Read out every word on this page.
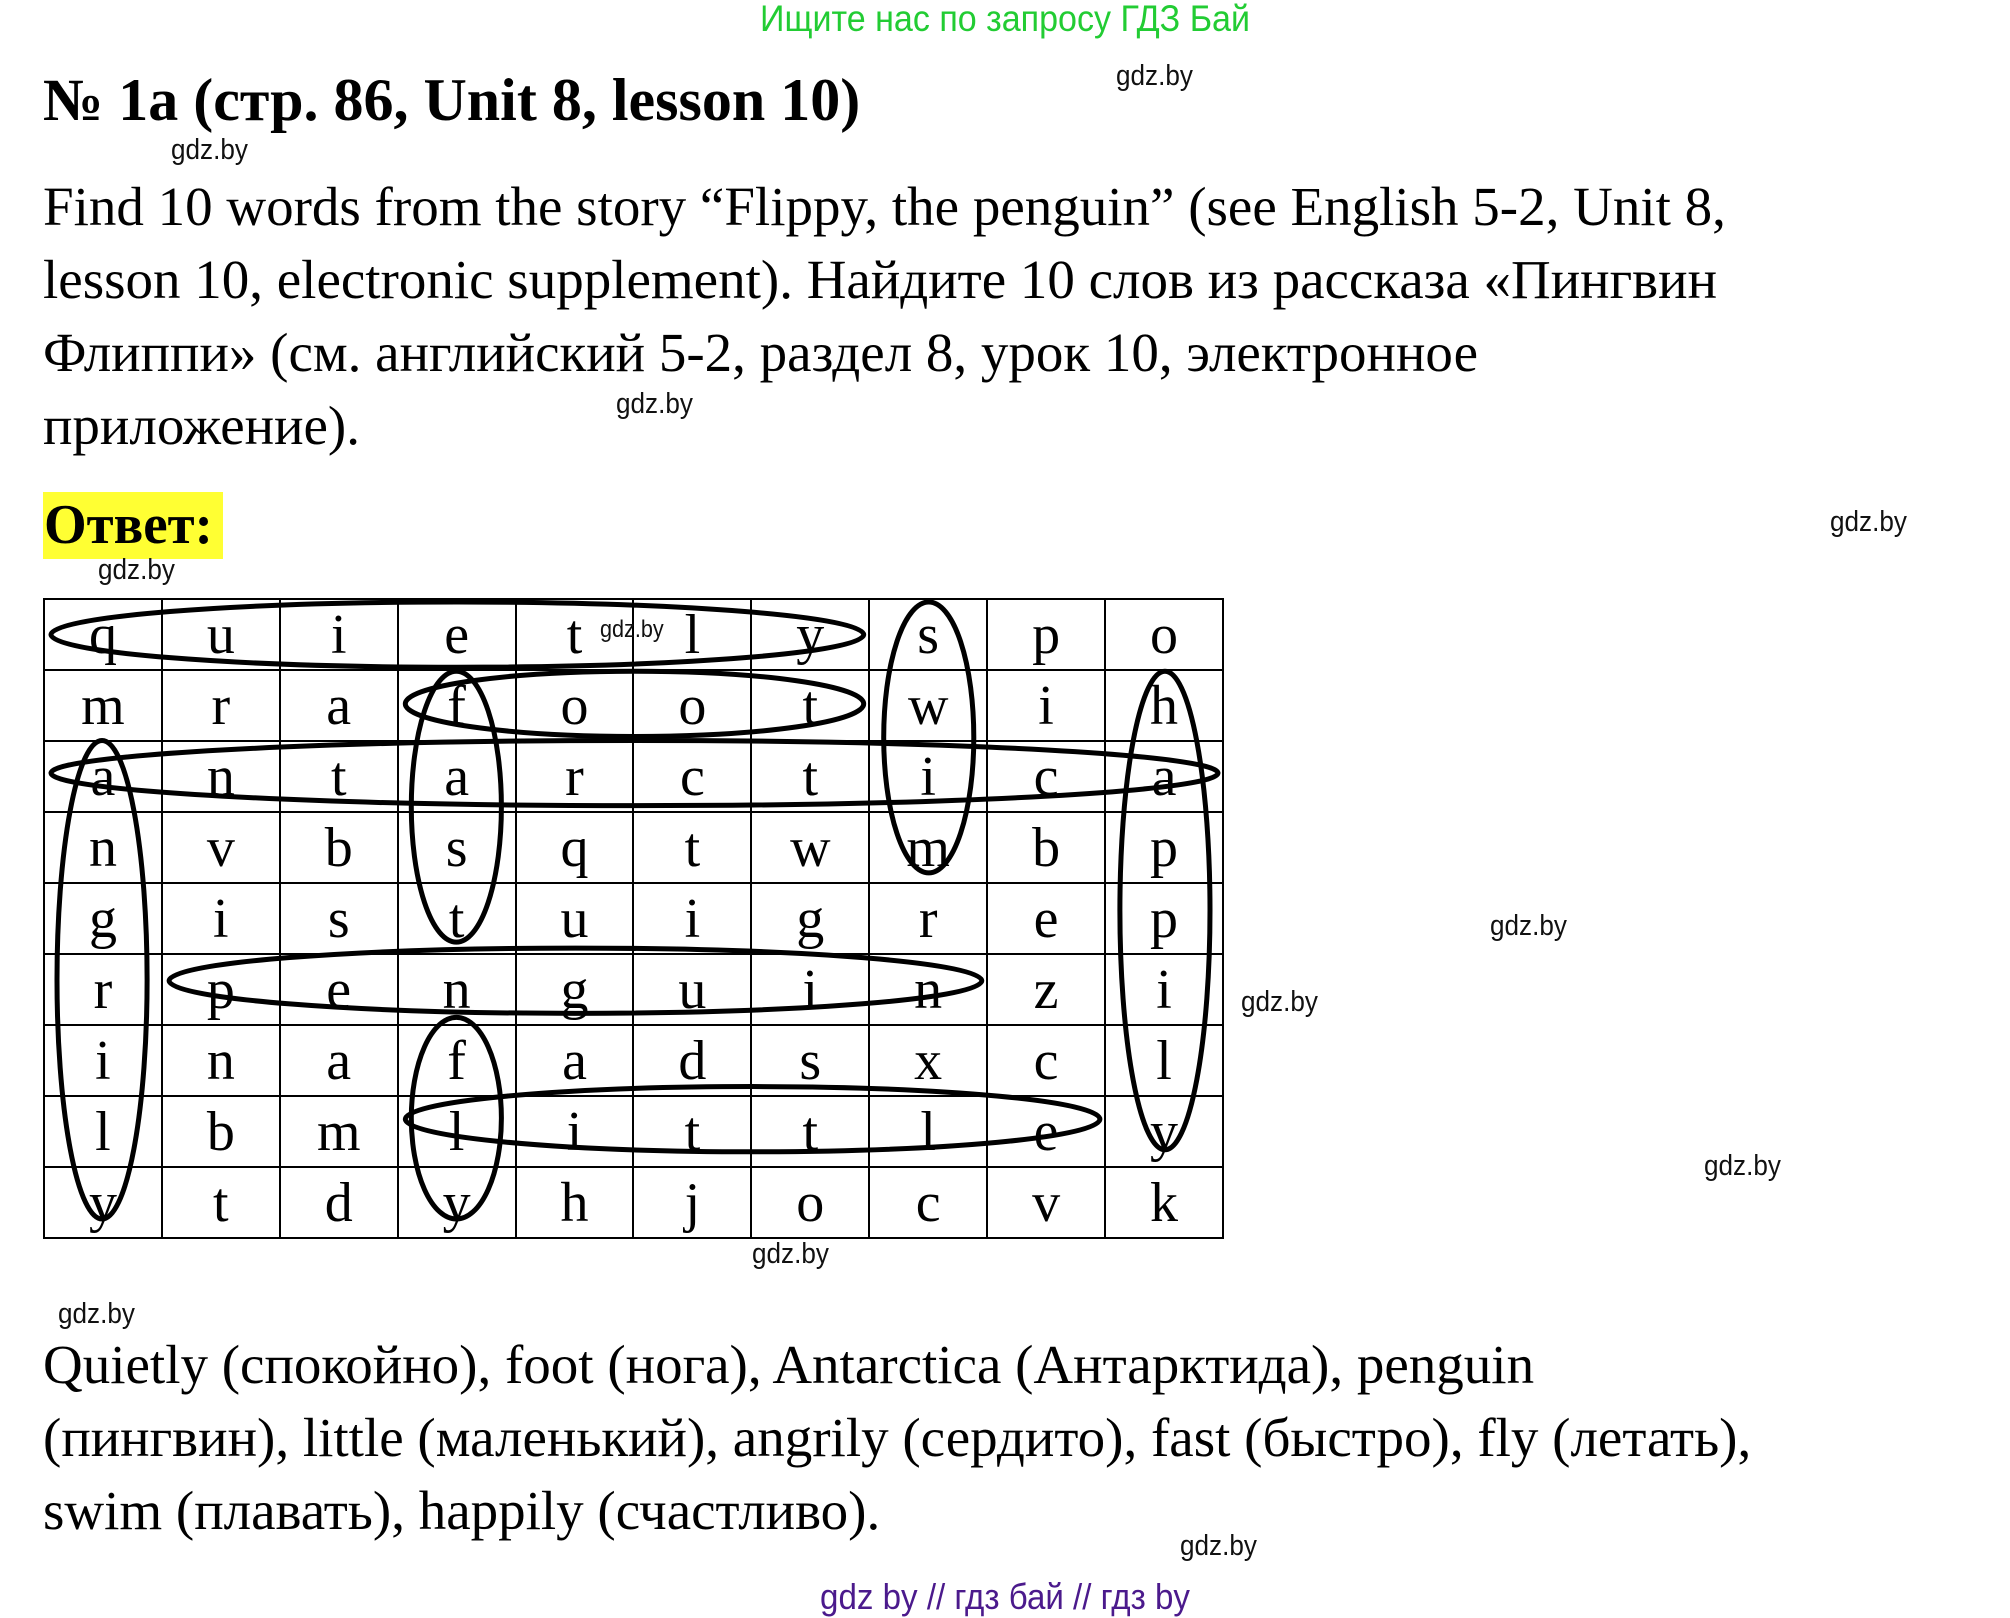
Ищите нас по запросу ГДЗ Бай
№ 1a (стр. 86, Unit 8, lesson 10)
Find 10 words from the story “Flippy, the penguin” (see English 5-2, Unit 8,
lesson 10, electronic supplement). Найдите 10 слов из рассказа «Пингвин
Флиппи» (см. английский 5-2, раздел 8, урок 10, электронное
приложение).
Ответ:
q	u	i	e	t	l	y	s	p	o
m	r	a	f	o	o	t	w	i	h
a	n	t	a	r	c	t	i	c	a
n	v	b	s	q	t	w	m	b	p
g	i	s	t	u	i	g	r	e	p
r	p	e	n	g	u	i	n	z	i
i	n	a	f	a	d	s	x	c	l
l	b	m	l	i	t	t	l	e	y
y	t	d	y	h	j	o	c	v	k
Quietly (спокойно), foot (нога), Antarctica (Антарктида), penguin
(пингвин), little (маленький), angrily (сердито), fast (быстро), fly (летать),
swim (плавать), happily (счастливо).
gdz.by
gdz.by
gdz.by
gdz.by
gdz.by
gdz.by
gdz.by
gdz.by
gdz.by
gdz.by
gdz.by
gdz.by
gdz by // гдз бай // гдз by
